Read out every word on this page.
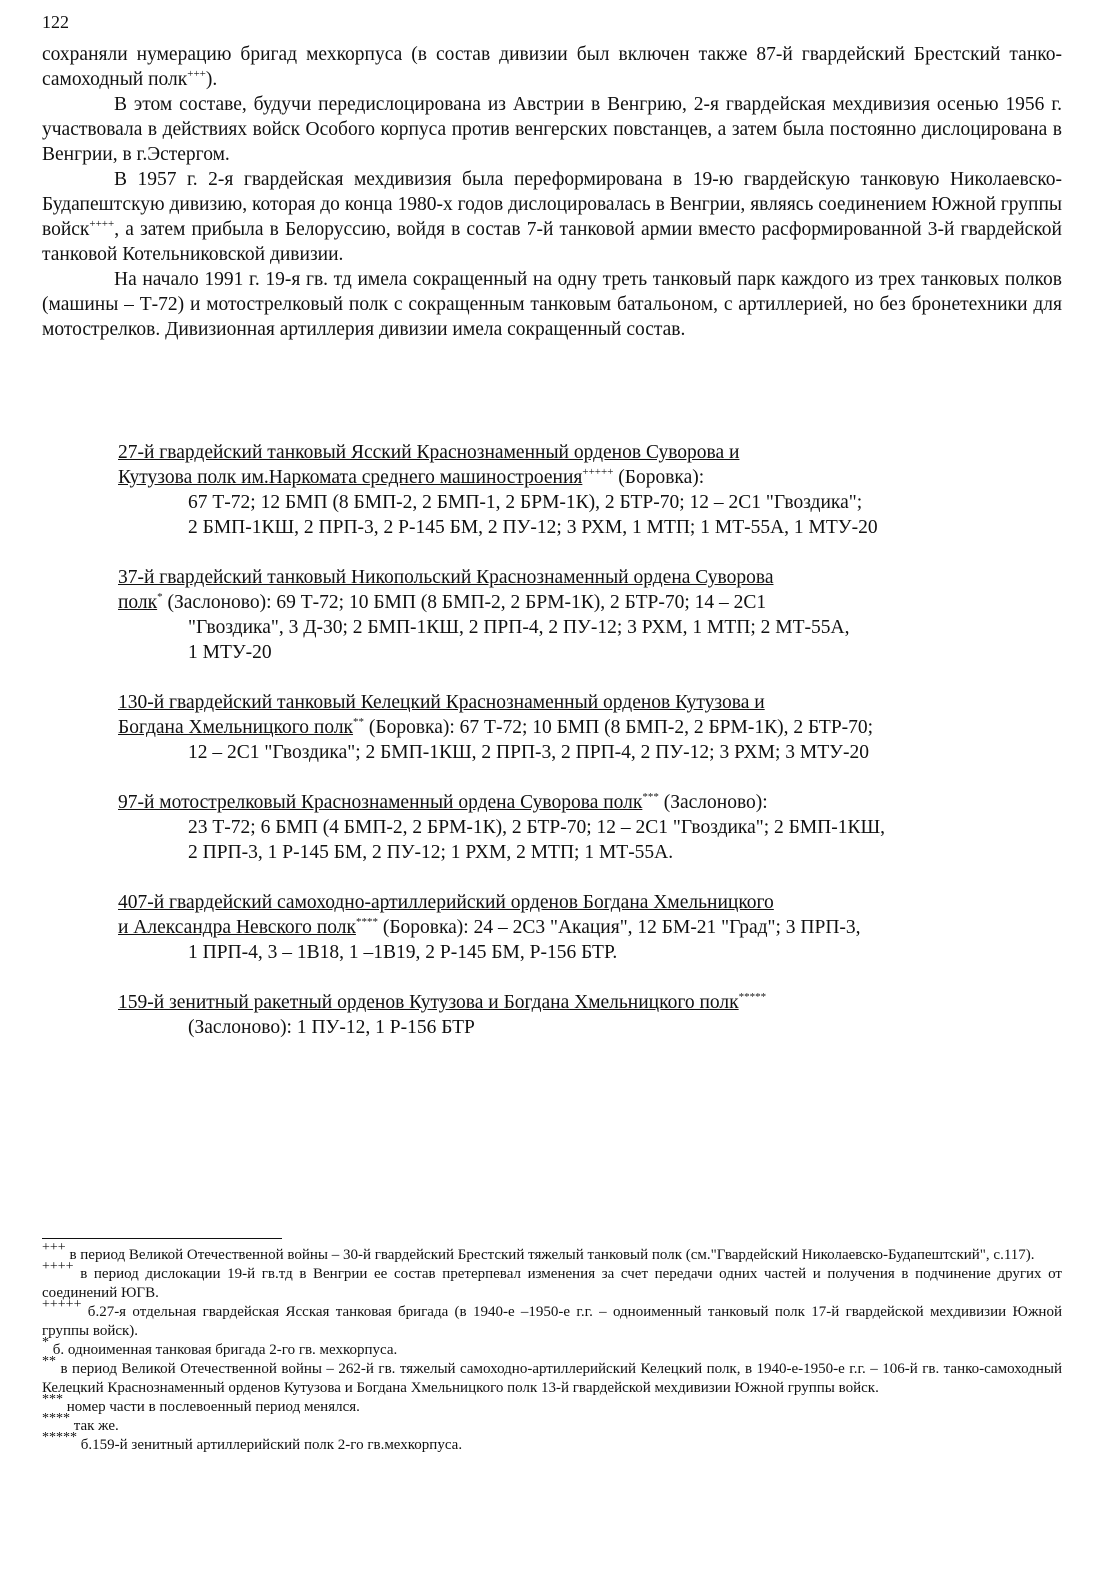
122

сохраняли нумерацию бригад мехкорпуса (в состав дивизии был включен также 87-й гвардейский Брестский танко-самоходный полк+++).

В этом составе, будучи передислоцирована из Австрии в Венгрию, 2-я гвардейская мехдивизия осенью 1956 г. участвовала в действиях войск Особого корпуса против венгерских повстанцев, а затем была постоянно дислоцирована в Венгрии, в г.Эстергом.

В 1957 г. 2-я гвардейская мехдивизия была переформирована в 19-ю гвардейскую танковую Николаевско-Будапештскую дивизию, которая до конца 1980-х годов дислоцировалась в Венгрии, являясь соединением Южной группы войск++++, а затем прибыла в Белоруссию, войдя в состав 7-й танковой армии вместо расформированной 3-й гвардейской танковой Котельниковской дивизии.

На начало 1991 г. 19-я гв. тд имела сокращенный на одну треть танковый парк каждого из трех танковых полков (машины – Т-72) и мотострелковый полк с сокращенным танковым батальоном, с артиллерией, но без бронетехники для мотострелков. Дивизионная артиллерия дивизии имела сокращенный состав.

27-й гвардейский танковый Ясский Краснознаменный орденов Суворова и
Кутузова полк им.Наркомата среднего машиностроения+++++ (Боровка):
67 Т-72; 12 БМП (8 БМП-2, 2 БМП-1, 2 БРМ-1К), 2 БТР-70; 12 – 2С1 "Гвоздика";
2 БМП-1КШ, 2 ПРП-3, 2 Р-145 БМ, 2 ПУ-12; 3 РХМ, 1 МТП; 1 МТ-55А, 1 МТУ-20
37-й гвардейский танковый Никопольский Краснознаменный ордена Суворова
полк* (Заслоново): 69 Т-72; 10 БМП (8 БМП-2, 2 БРМ-1К), 2 БТР-70; 14 – 2С1
"Гвоздика", 3 Д-30; 2 БМП-1КШ, 2 ПРП-4, 2 ПУ-12; 3 РХМ, 1 МТП; 2 МТ-55А,
1 МТУ-20
130-й гвардейский танковый Келецкий Краснознаменный орденов Кутузова и
Богдана Хмельницкого полк** (Боровка): 67 Т-72; 10 БМП (8 БМП-2, 2 БРМ-1К), 2 БТР-70;
12 – 2С1 "Гвоздика"; 2 БМП-1КШ, 2 ПРП-3, 2 ПРП-4, 2 ПУ-12; 3 РХМ; 3 МТУ-20
97-й мотострелковый Краснознаменный ордена Суворова полк*** (Заслоново):
23 Т-72; 6 БМП (4 БМП-2, 2 БРМ-1К), 2 БТР-70; 12 – 2С1 "Гвоздика"; 2 БМП-1КШ,
2 ПРП-3, 1 Р-145 БМ, 2 ПУ-12; 1 РХМ, 2 МТП; 1 МТ-55А.
407-й гвардейский самоходно-артиллерийский орденов Богдана Хмельницкого
и Александра Невского полк**** (Боровка): 24 – 2С3 "Акация", 12 БМ-21 "Град"; 3 ПРП-3,
1 ПРП-4, 3 – 1В18, 1 –1В19, 2 Р-145 БМ, Р-156 БТР.
159-й зенитный ракетный орденов Кутузова и Богдана Хмельницкого полк*****
(Заслоново): 1 ПУ-12, 1 Р-156 БТР

+++ в период Великой Отечественной войны – 30-й гвардейский Брестский тяжелый танковый полк (см."Гвардейский Николаевско-Будапештский", с.117).

++++ в период дислокации 19-й гв.тд в Венгрии ее состав претерпевал изменения за счет передачи одних частей и получения в подчинение других от соединений ЮГВ.

+++++ б.27-я отдельная гвардейская Ясская танковая бригада (в 1940-е –1950-е г.г. – одноименный танковый полк 17-й гвардейской мехдивизии Южной группы войск).

* б. одноименная танковая бригада 2-го гв. мехкорпуса.

** в период Великой Отечественной войны – 262-й гв. тяжелый самоходно-артиллерийский Келецкий полк, в 1940-е-1950-е г.г. – 106-й гв. танко-самоходный Келецкий Краснознаменный орденов Кутузова и Богдана Хмельницкого полк 13-й гвардейской мехдивизии Южной группы войск.

*** номер части в послевоенный период менялся.

**** так же.

***** б.159-й зенитный артиллерийский полк 2-го гв.мехкорпуса.
